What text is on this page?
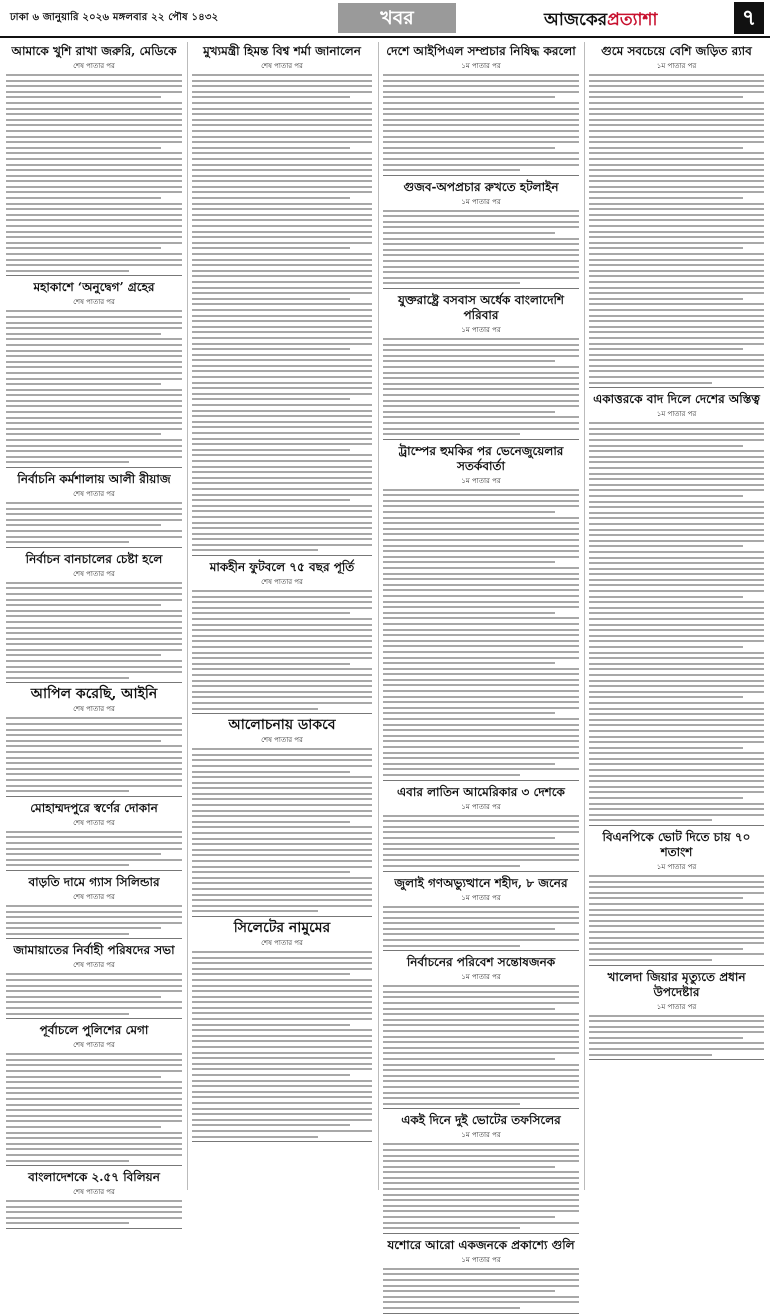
ঢাকা ৬ জানুয়ারি ২০২৬ মঙ্গলবার ২২ পৌষ ১৪৩২	খবর	আজকেরপ্রত্যাশা	৭
আমাকে খুশি রাখা জরুরি, মেডিকে
শেষ পাতার পর
মহাকাশে ‘অনুদ্বেগ’ গ্রহের
শেষ পাতার পর
নির্বাচনি কর্মশালায় আলী রীয়াজ
শেষ পাতার পর
নির্বাচন বানচালের চেষ্টা হলে
শেষ পাতার পর
আপিল করেছি, আইনি
শেষ পাতার পর
মোহাম্মদপুরে স্বর্ণের দোকান
শেষ পাতার পর
বাড়তি দামে গ্যাস সিলিন্ডার
শেষ পাতার পর
জামায়াতের নির্বাহী পরিষদের সভা
শেষ পাতার পর
পূর্বাচলে পুলিশের মেগা
শেষ পাতার পর
বাংলাদেশকে ২.৫৭ বিলিয়ন
শেষ পাতার পর
মুখ্যমন্ত্রী হিমন্ত বিশ্ব শর্মা জানালেন
শেষ পাতার পর
মাকহীন ফুটবলে ৭৫ বছর পূর্তি
শেষ পাতার পর
আলোচনায় ডাকবে
শেষ পাতার পর
সিলেটের নামুমের
শেষ পাতার পর
দেশে আইপিএল সম্প্রচার নিষিদ্ধ করলো
১ম পাতার পর
গুজব-অপপ্রচার রুখতে হটলাইন
১ম পাতার পর
যুক্তরাষ্ট্রে বসবাস অর্ধেক বাংলাদেশি পরিবার
১ম পাতার পর
ট্রাম্পের হুমকির পর ভেনেজুয়েলার সতর্কবার্তা
১ম পাতার পর
এবার লাতিন আমেরিকার ৩ দেশকে
১ম পাতার পর
জুলাই গণঅভ্যুত্থানে শহীদ, ৮ জনের
১ম পাতার পর
নির্বাচনের পরিবেশ সন্তোষজনক
১ম পাতার পর
একই দিনে দুই ভোটের তফসিলের
১ম পাতার পর
যশোরে আরো একজনকে প্রকাশ্যে গুলি
১ম পাতার পর
গুমে সবচেয়ে বেশি জড়িত র‍্যাব
১ম পাতার পর
একাত্তরকে বাদ দিলে দেশের অস্তিত্ব
১ম পাতার পর
বিএনপিকে ভোট দিতে চায় ৭০ শতাংশ
১ম পাতার পর
খালেদা জিয়ার মৃত্যুতে প্রধান উপদেষ্টার
১ম পাতার পর
